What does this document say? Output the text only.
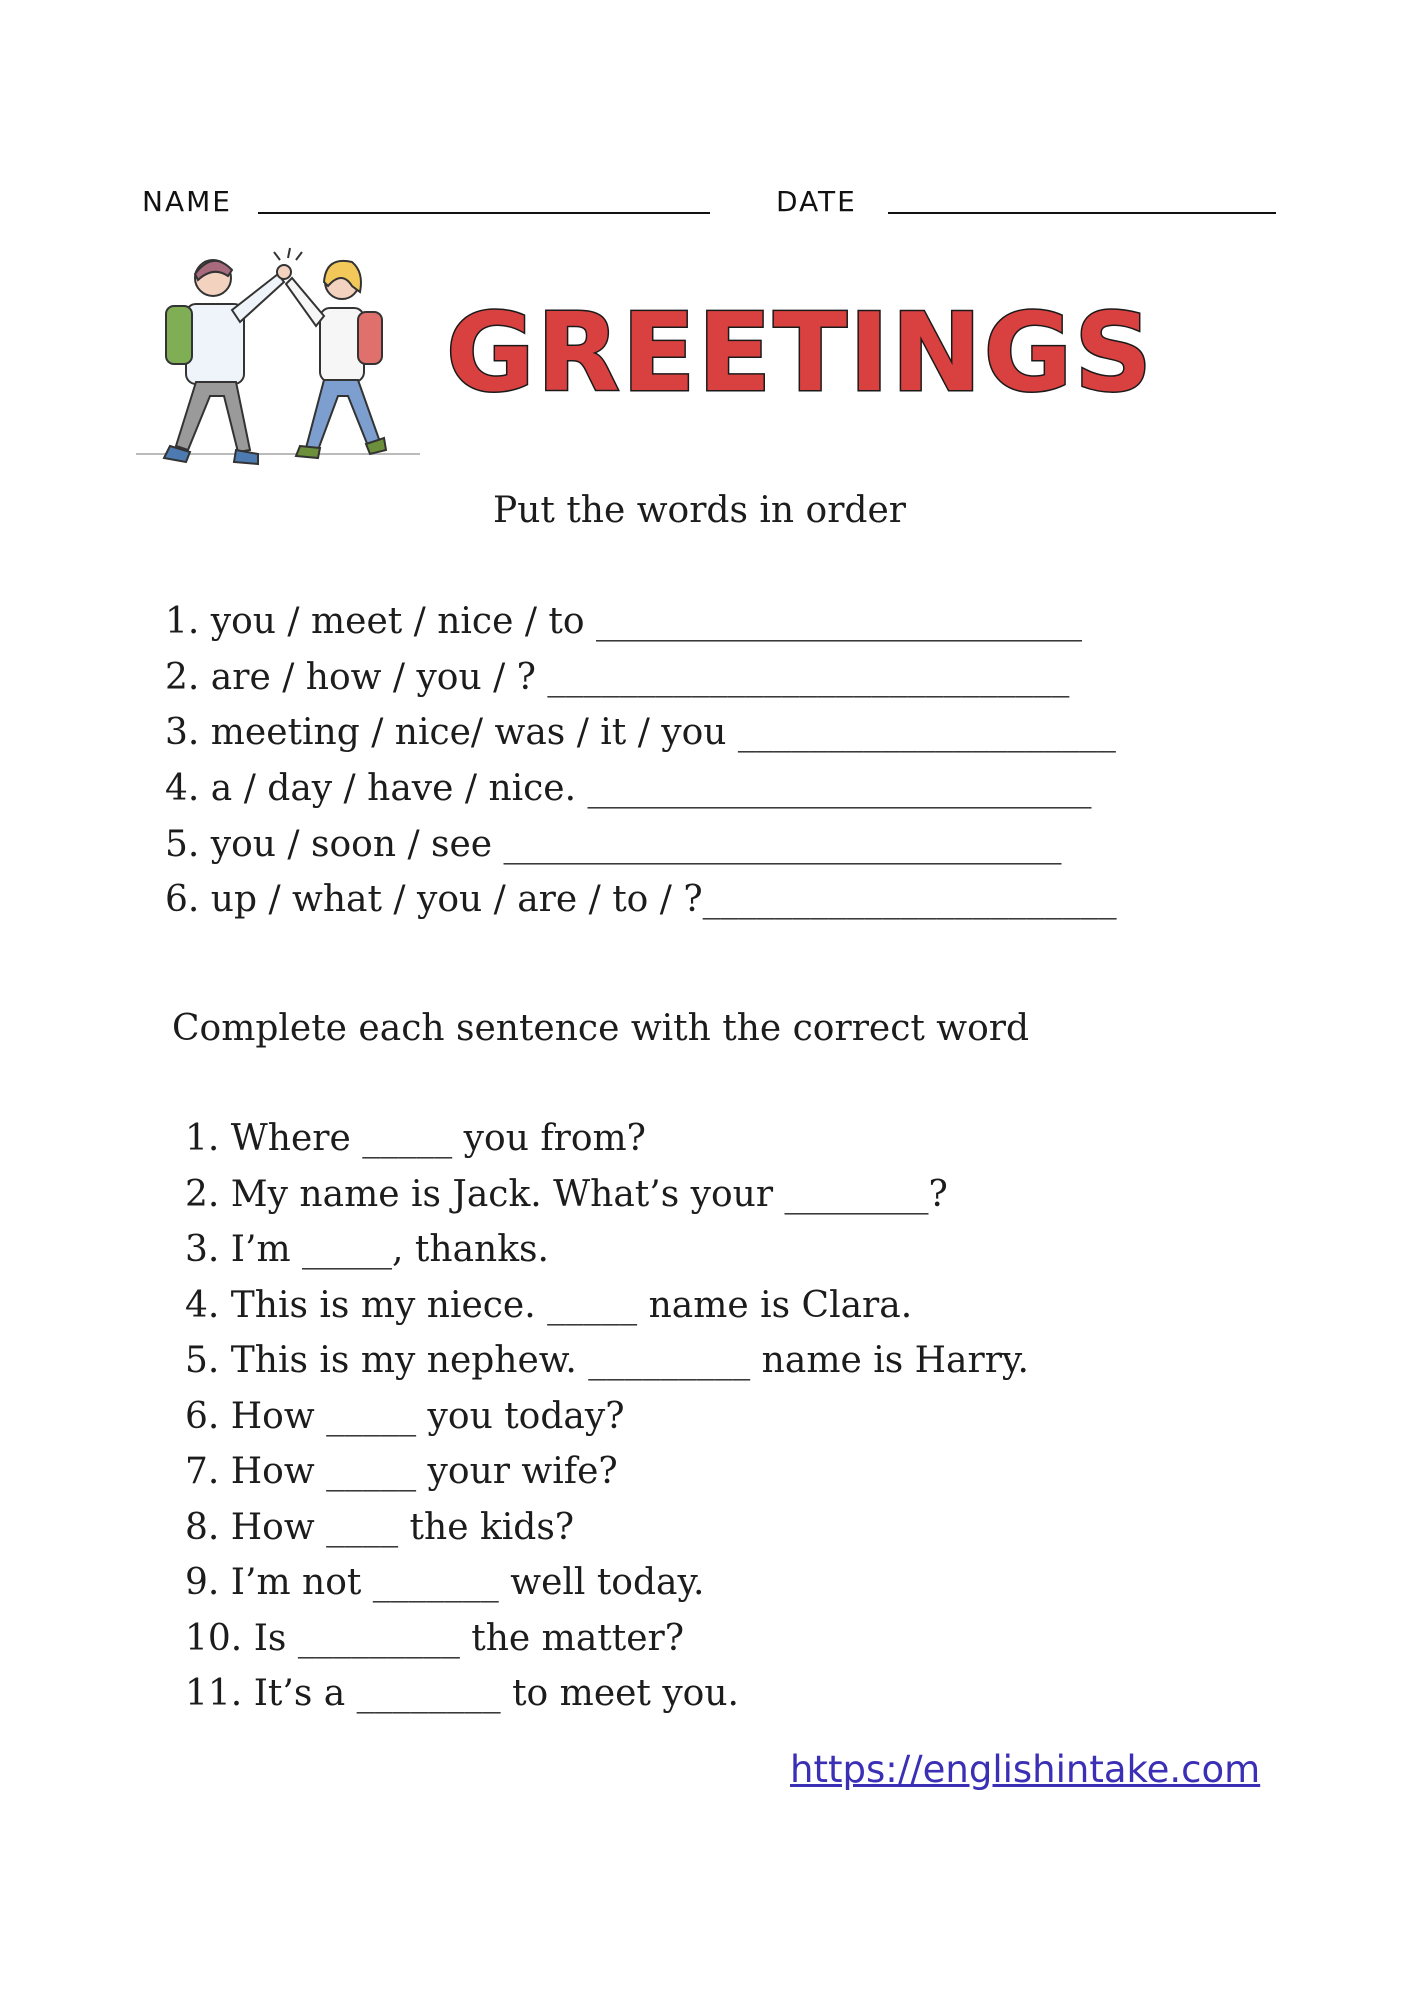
NAME	DATE
GREETINGS
Put the words in order
1. you / meet / nice / to ___________________________
2. are / how / you / ? _____________________________
3. meeting / nice/ was / it / you _____________________
4. a / day / have / nice. ____________________________
5. you / soon / see _______________________________
6. up / what / you / are / to / ?_______________________
Complete each sentence with the correct word
1. Where _____ you from?
2. My name is Jack. What’s your ________?
3. I’m _____, thanks.
4. This is my niece. _____ name is Clara.
5. This is my nephew. _________ name is Harry.
6. How _____ you today?
7. How _____ your wife?
8. How ____ the kids?
9. I’m not _______ well today.
10. Is _________ the matter?
11. It’s a ________ to meet you.
https://englishintake.com
